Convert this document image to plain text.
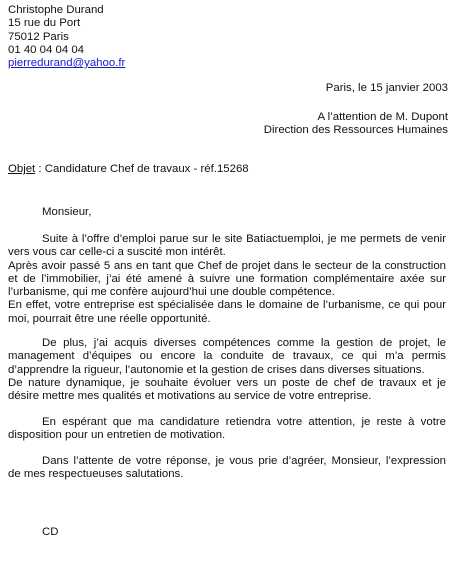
Christophe Durand
15 rue du Port
75012 Paris
01 40 04 04 04
pierredurand@yahoo.fr
Paris, le 15 janvier 2003
A l’attention de M. Dupont
Direction des Ressources Humaines
Objet : Candidature Chef de travaux - réf.15268
Monsieur,
Suite à l’offre d’emploi parue sur le site Batiactuemploi, je me permets de venir
vers vous car celle-ci a suscité mon intérêt.
Après avoir passé 5 ans en tant que Chef de projet dans le secteur de la construction
et de l’immobilier, j’ai été amené à suivre une formation complémentaire axée sur
l’urbanisme, qui me confère aujourd’hui une double compétence.
En effet, votre entreprise est spécialisée dans le domaine de l’urbanisme, ce qui pour
moi, pourrait être une réelle opportunité.
De plus, j’ai acquis diverses compétences comme la gestion de projet, le
management d’équipes ou encore la conduite de travaux, ce qui m’a permis
d’apprendre la rigueur, l’autonomie et la gestion de crises dans diverses situations.
De nature dynamique, je souhaite évoluer vers un poste de chef de travaux et je
désire mettre mes qualités et motivations au service de votre entreprise.
En espérant que ma candidature retiendra votre attention, je reste à votre
disposition pour un entretien de motivation.
Dans l’attente de votre réponse, je vous prie d’agréer, Monsieur, l’expression
de mes respectueuses salutations.
CD
